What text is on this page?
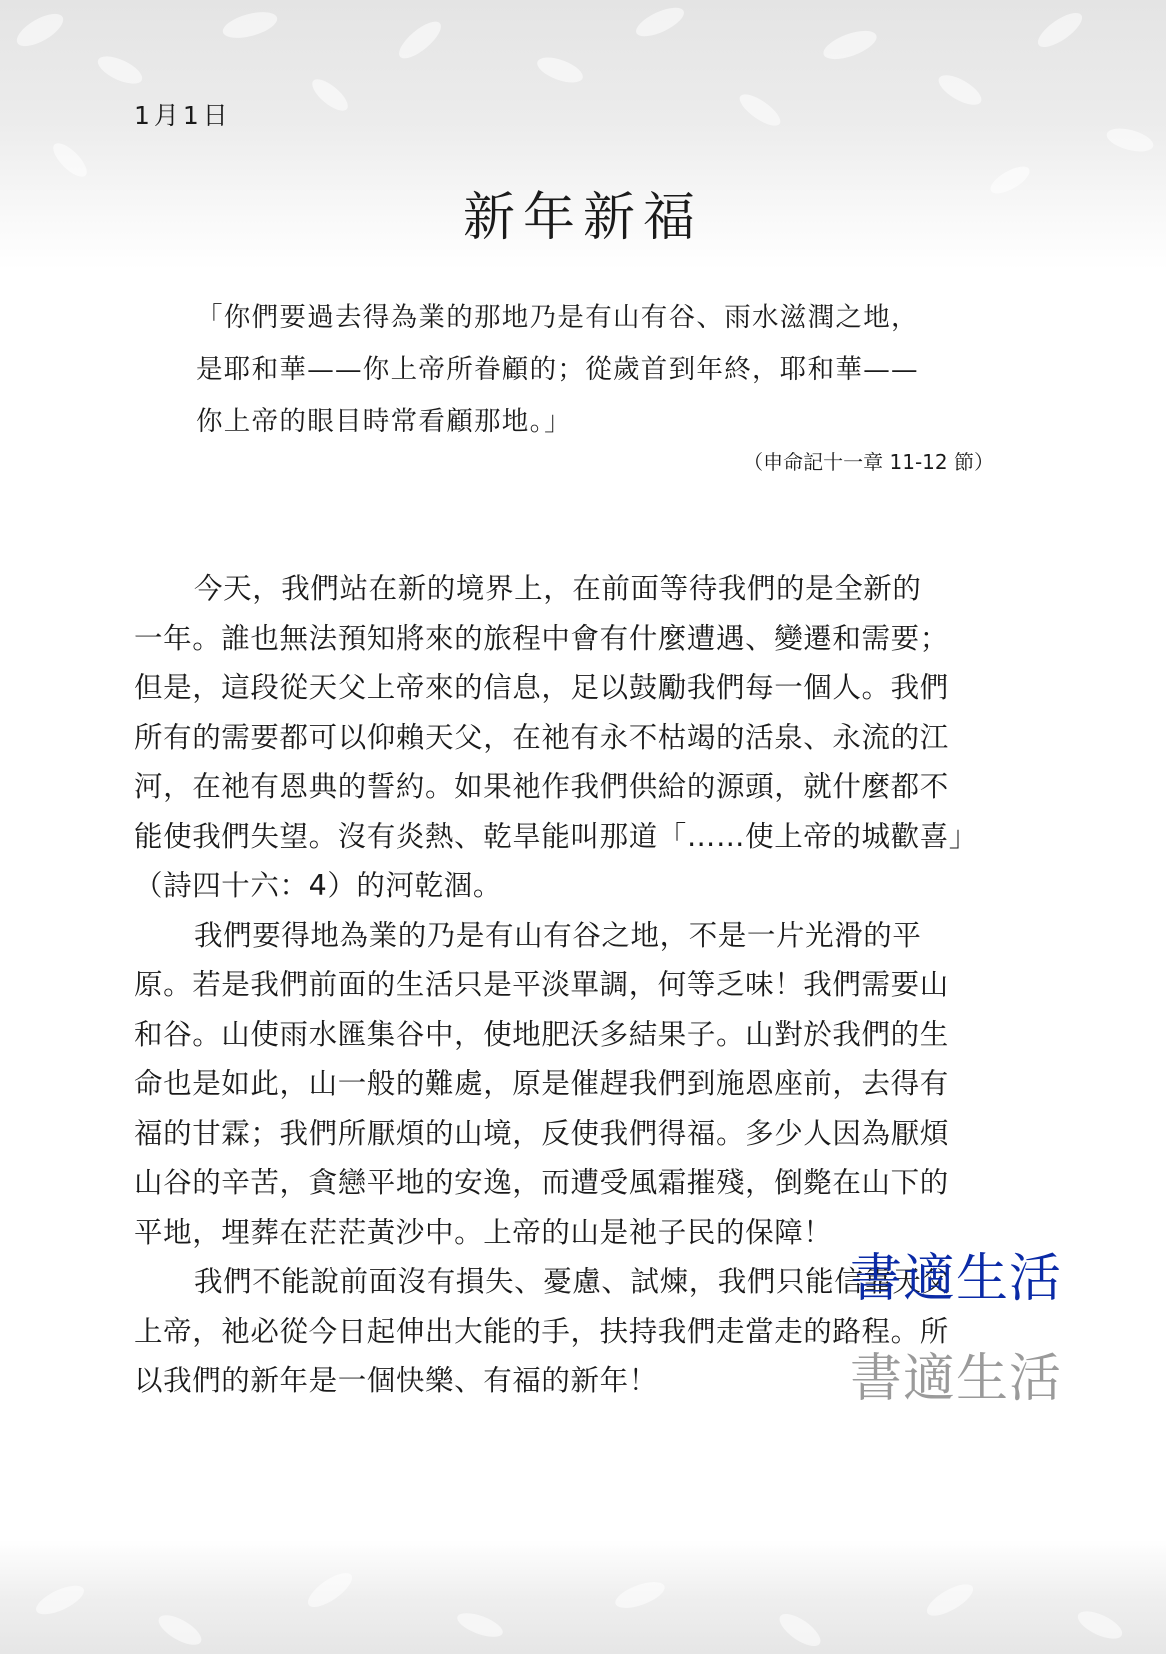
1月1日
新年新福
「你們要過去得為業的那地乃是有山有谷、雨水滋潤之地，
是耶和華——你上帝所眷顧的；從歲首到年終，耶和華——
你上帝的眼目時常看顧那地。」
（申命記十一章 11-12 節）
今天，我們站在新的境界上，在前面等待我們的是全新的
一年。誰也無法預知將來的旅程中會有什麼遭遇、變遷和需要；
但是，這段從天父上帝來的信息，足以鼓勵我們每一個人。我們
所有的需要都可以仰賴天父，在祂有永不枯竭的活泉、永流的江
河，在祂有恩典的誓約。如果祂作我們供給的源頭，就什麼都不
能使我們失望。沒有炎熱、乾旱能叫那道「……使上帝的城歡喜」
（詩四十六：4）的河乾涸。
我們要得地為業的乃是有山有谷之地，不是一片光滑的平
原。若是我們前面的生活只是平淡單調，何等乏味！我們需要山
和谷。山使雨水匯集谷中，使地肥沃多結果子。山對於我們的生
命也是如此，山一般的難處，原是催趕我們到施恩座前，去得有
福的甘霖；我們所厭煩的山境，反使我們得福。多少人因為厭煩
山谷的辛苦，貪戀平地的安逸，而遭受風霜摧殘，倒斃在山下的
平地，埋葬在茫茫黃沙中。上帝的山是祂子民的保障！
我們不能說前面沒有損失、憂慮、試煉，我們只能信靠天父
上帝，祂必從今日起伸出大能的手，扶持我們走當走的路程。所
以我們的新年是一個快樂、有福的新年！
書適生活
書適生活
